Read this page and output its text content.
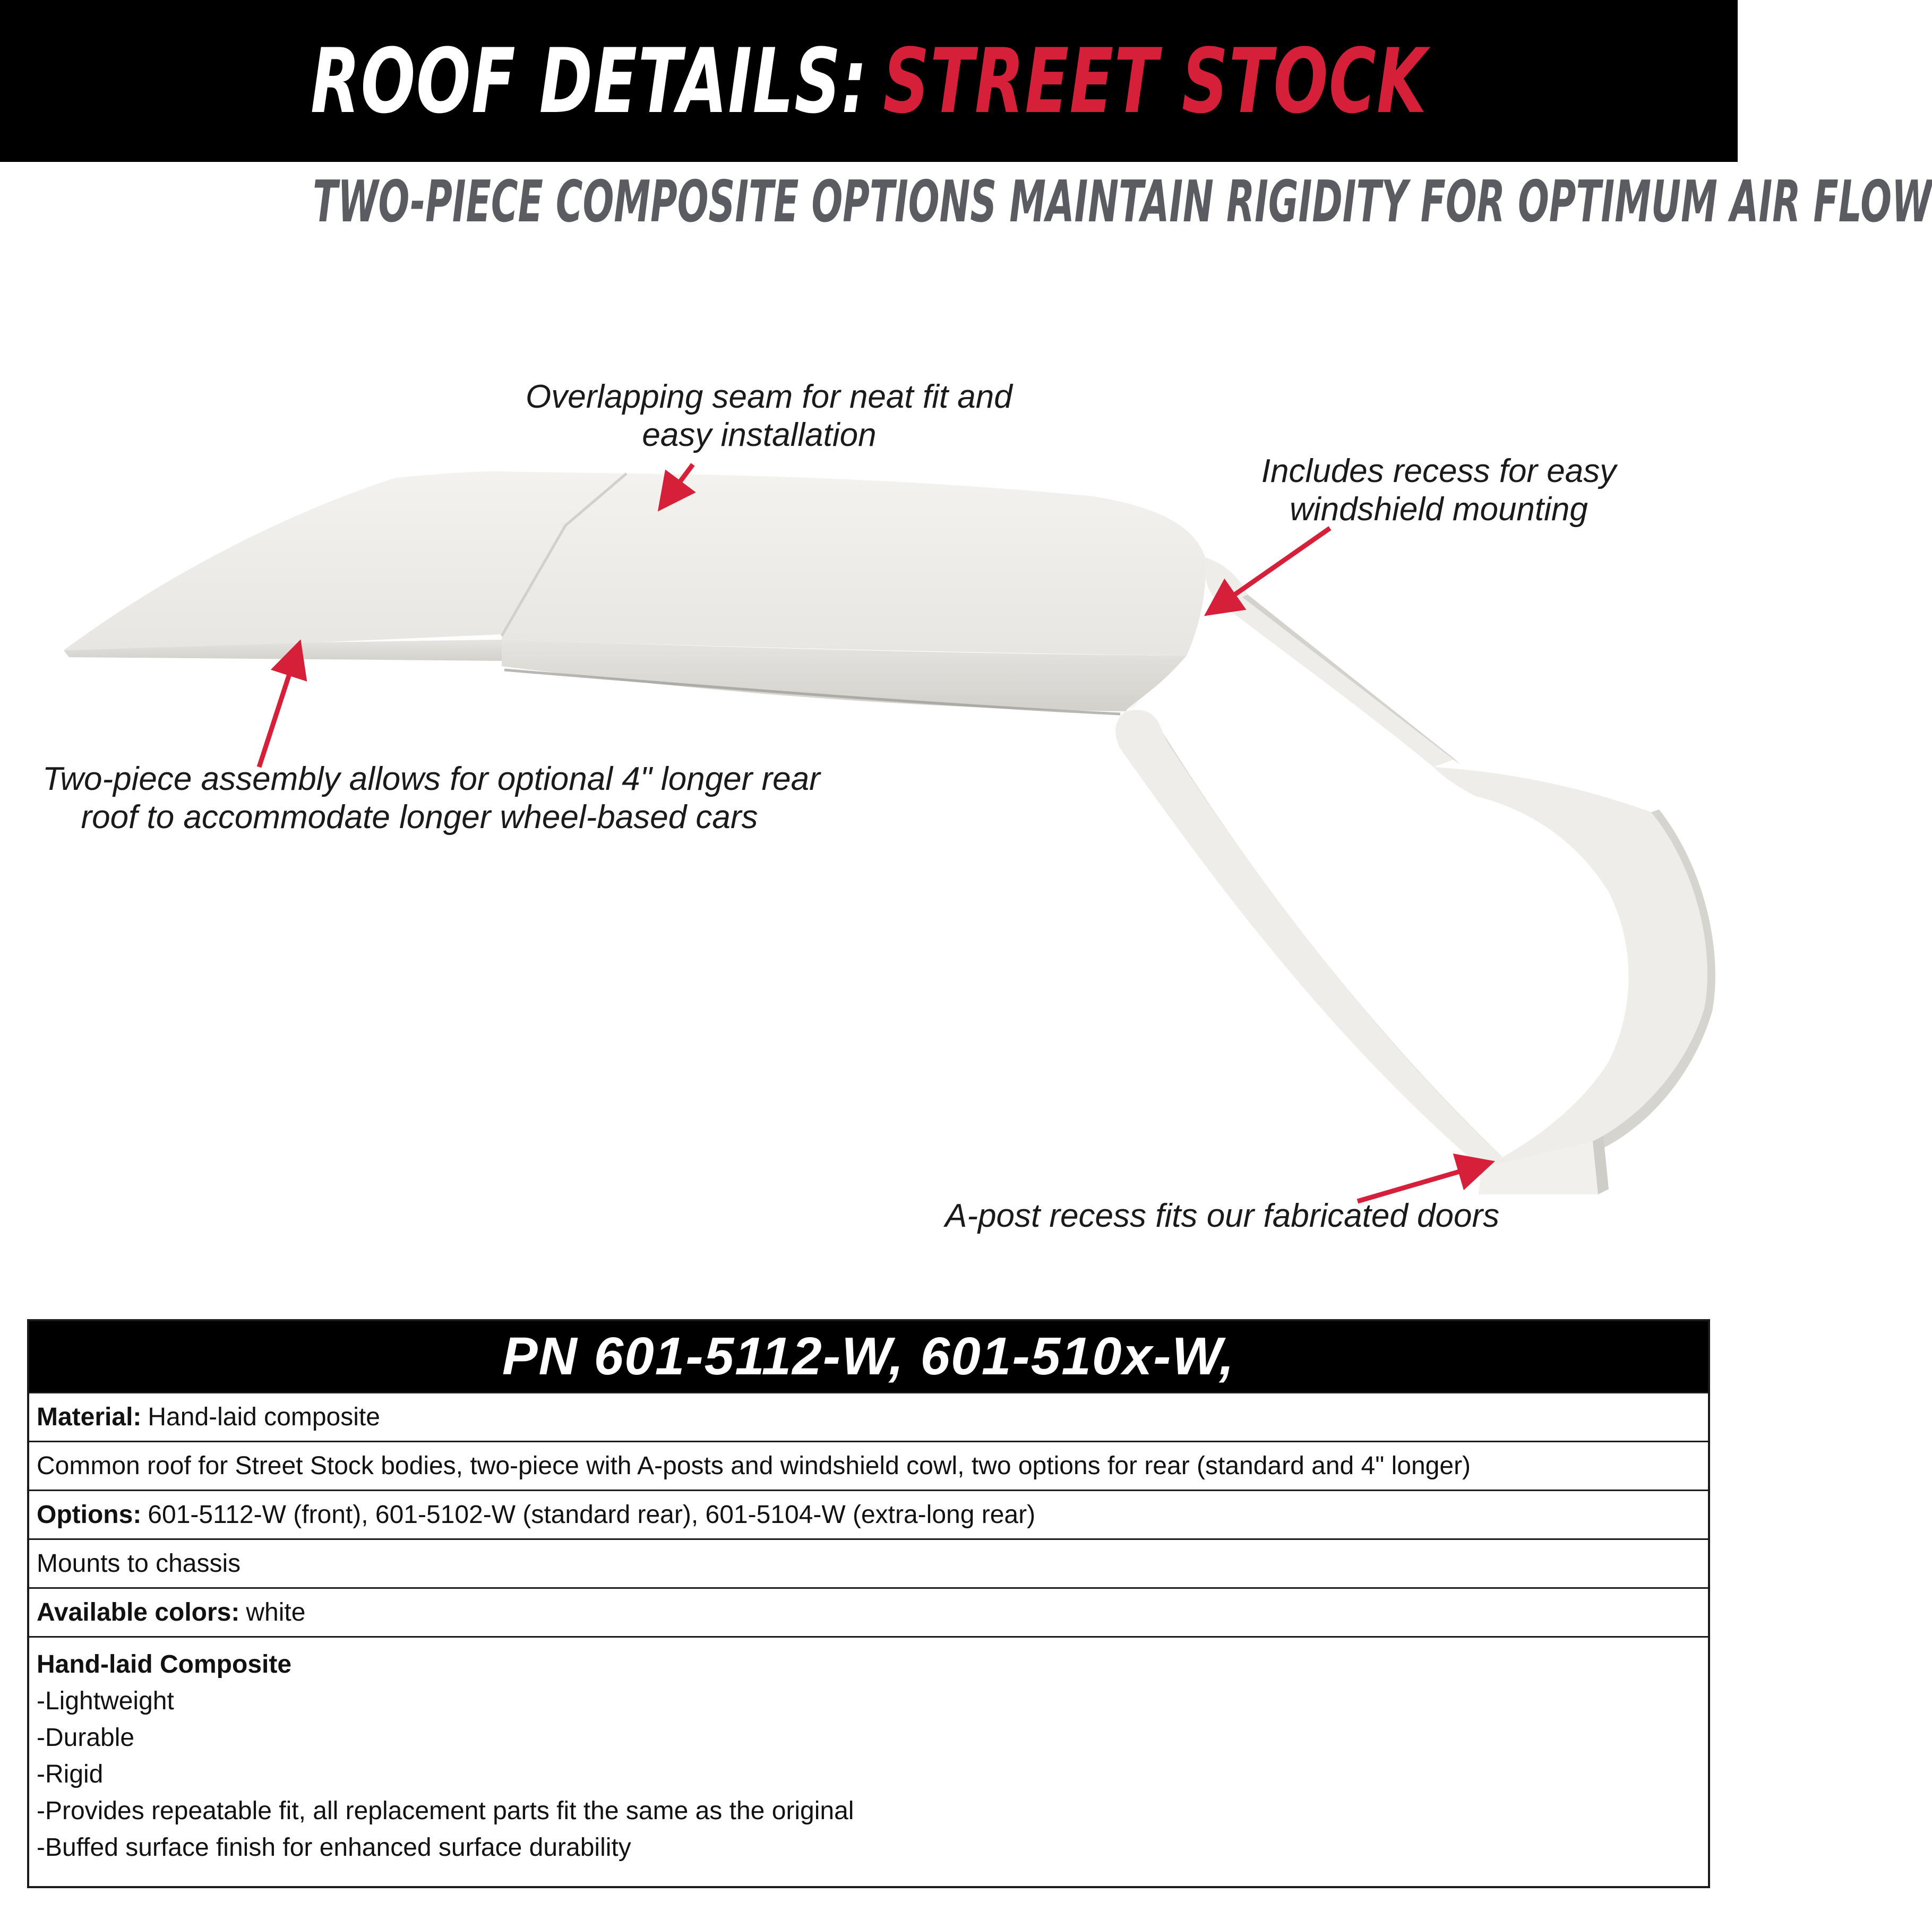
ROOF DETAILS: STREET STOCK
TWO-PIECE COMPOSITE OPTIONS MAINTAIN RIGIDITY FOR OPTIMUM AIR FLOW
Overlapping seam for neat fit and
easy installation
Includes recess for easy
windshield mounting
Two-piece assembly allows for optional 4" longer rear
roof to accommodate longer wheel-based cars
A-post recess fits our fabricated doors
PN 601-5112-W, 601-510x-W,
Material: Hand-laid composite
Common roof for Street Stock bodies, two-piece with A-posts and windshield cowl, two options for rear (standard and 4" longer)
Options: 601-5112-W (front), 601-5102-W (standard rear), 601-5104-W (extra-long rear)
Mounts to chassis
Available colors: white
Hand-laid Composite
-Lightweight
-Durable
-Rigid
-Provides repeatable fit, all replacement parts fit the same as the original
-Buffed surface finish for enhanced surface durability
